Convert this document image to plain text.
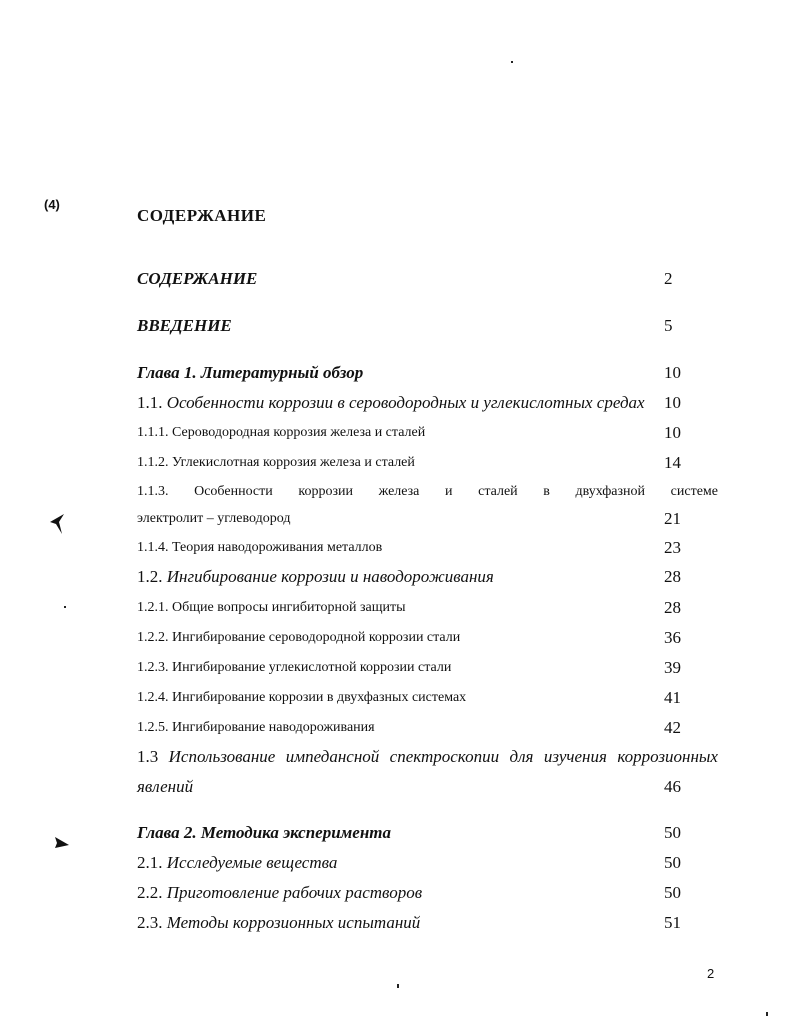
(4)
СОДЕРЖАНИЕ
СОДЕРЖАНИЕ	2
ВВЕДЕНИЕ	5
Глава 1. Литературный обзор	10
1.1. Особенности коррозии в сероводородных и углекислотных средах 10
1.1.1. Сероводородная коррозия железа и сталей	10
1.1.2. Углекислотная коррозия железа и сталей	14
1.1.3. Особенности коррозии железа и сталей в двухфазной системе
электролит – углеводород	21
1.1.4. Теория наводороживания металлов	23
1.2. Ингибирование коррозии и наводороживания	28
1.2.1. Общие вопросы ингибиторной защиты	28
1.2.2. Ингибирование сероводородной коррозии стали	36
1.2.3. Ингибирование углекислотной коррозии стали	39
1.2.4. Ингибирование коррозии в двухфазных системах	41
1.2.5. Ингибирование наводороживания	42
1.3 Использование импедансной спектроскопии для изучения коррозионных
явлений	46
Глава 2. Методика эксперимента	50
2.1. Исследуемые вещества	50
2.2. Приготовление рабочих растворов	50
2.3. Методы коррозионных испытаний	51
2
